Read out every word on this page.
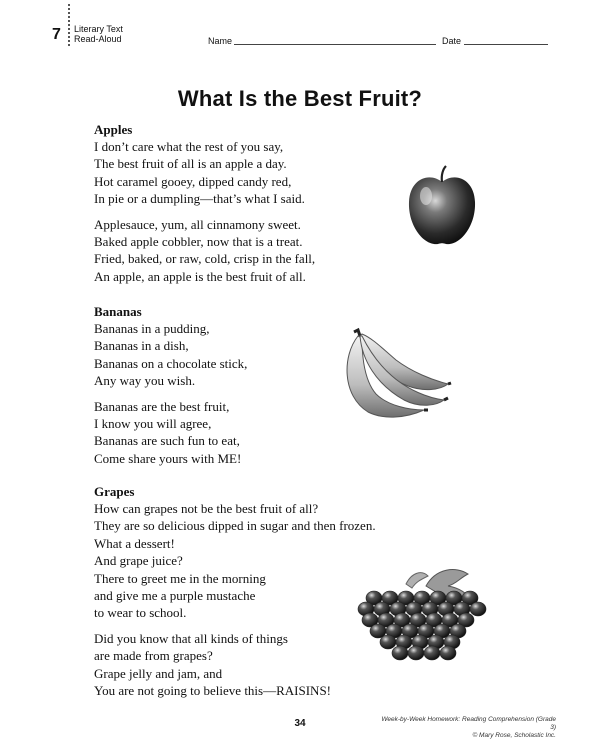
7 Literary Text
Read-Aloud	Name	Date
What Is the Best Fruit?
Apples
I don’t care what the rest of you say,
The best fruit of all is an apple a day.
Hot caramel gooey, dipped candy red,
In pie or a dumpling—that’s what I said.
Applesauce, yum, all cinnamony sweet.
Baked apple cobbler, now that is a treat.
Fried, baked, or raw, cold, crisp in the fall,
An apple, an apple is the best fruit of all.
Bananas
Bananas in a pudding,
Bananas in a dish,
Bananas on a chocolate stick,
Any way you wish.
Bananas are the best fruit,
I know you will agree,
Bananas are such fun to eat,
Come share yours with ME!
Grapes
How can grapes not be the best fruit of all?
They are so delicious dipped in sugar and then frozen.
What a dessert!
And grape juice?
There to greet me in the morning
and give me a purple mustache
to wear to school.
Did you know that all kinds of things
are made from grapes?
Grape jelly and jam, and
You are not going to believe this—RAISINS!
Week-by-Week Homework: Reading Comprehension (Grade 3)
© Mary Rose, Scholastic Inc.
34
